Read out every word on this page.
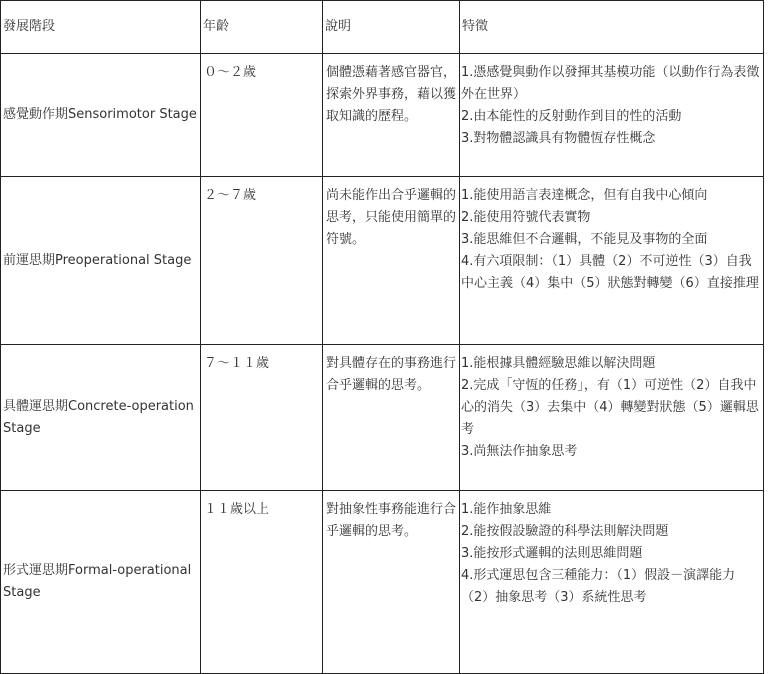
發展階段	年齡	說明	特徵
感覺動作期Sensorimotor Stage	０～２歲	個體憑藉著感官器官，探索外界事務，藉以獲取知識的歷程。	1.憑感覺與動作以發揮其基模功能（以動作行為表徵外在世界）
2.由本能性的反射動作到目的性的活動
3.對物體認識具有物體恆存性概念

前運思期Preoperational Stage	２～７歲	尚未能作出合乎邏輯的思考，只能使用簡單的符號。	1.能使用語言表達概念，但有自我中心傾向
2.能使用符號代表實物
3.能思維但不合邏輯，不能見及事物的全面
4.有六項限制：（1）具體（2）不可逆性（3）自我中心主義（4）集中（5）狀態對轉變（6）直接推理

具體運思期Concrete-operation Stage	７～１１歲	對具體存在的事務進行合乎邏輯的思考。	1.能根據具體經驗思維以解決問題
2.完成「守恆的任務」，有（1）可逆性（2）自我中心的消失（3）去集中（4）轉變對狀態（5）邏輯思考
3.尚無法作抽象思考

形式運思期Formal-operational Stage	１１歲以上	對抽象性事務能進行合乎邏輯的思考。	1.能作抽象思維
2.能按假設驗證的科學法則解決問題
3.能按形式邏輯的法則思維問題
4.形式運思包含三種能力：（1）假設－演譯能力（2）抽象思考（3）系統性思考
